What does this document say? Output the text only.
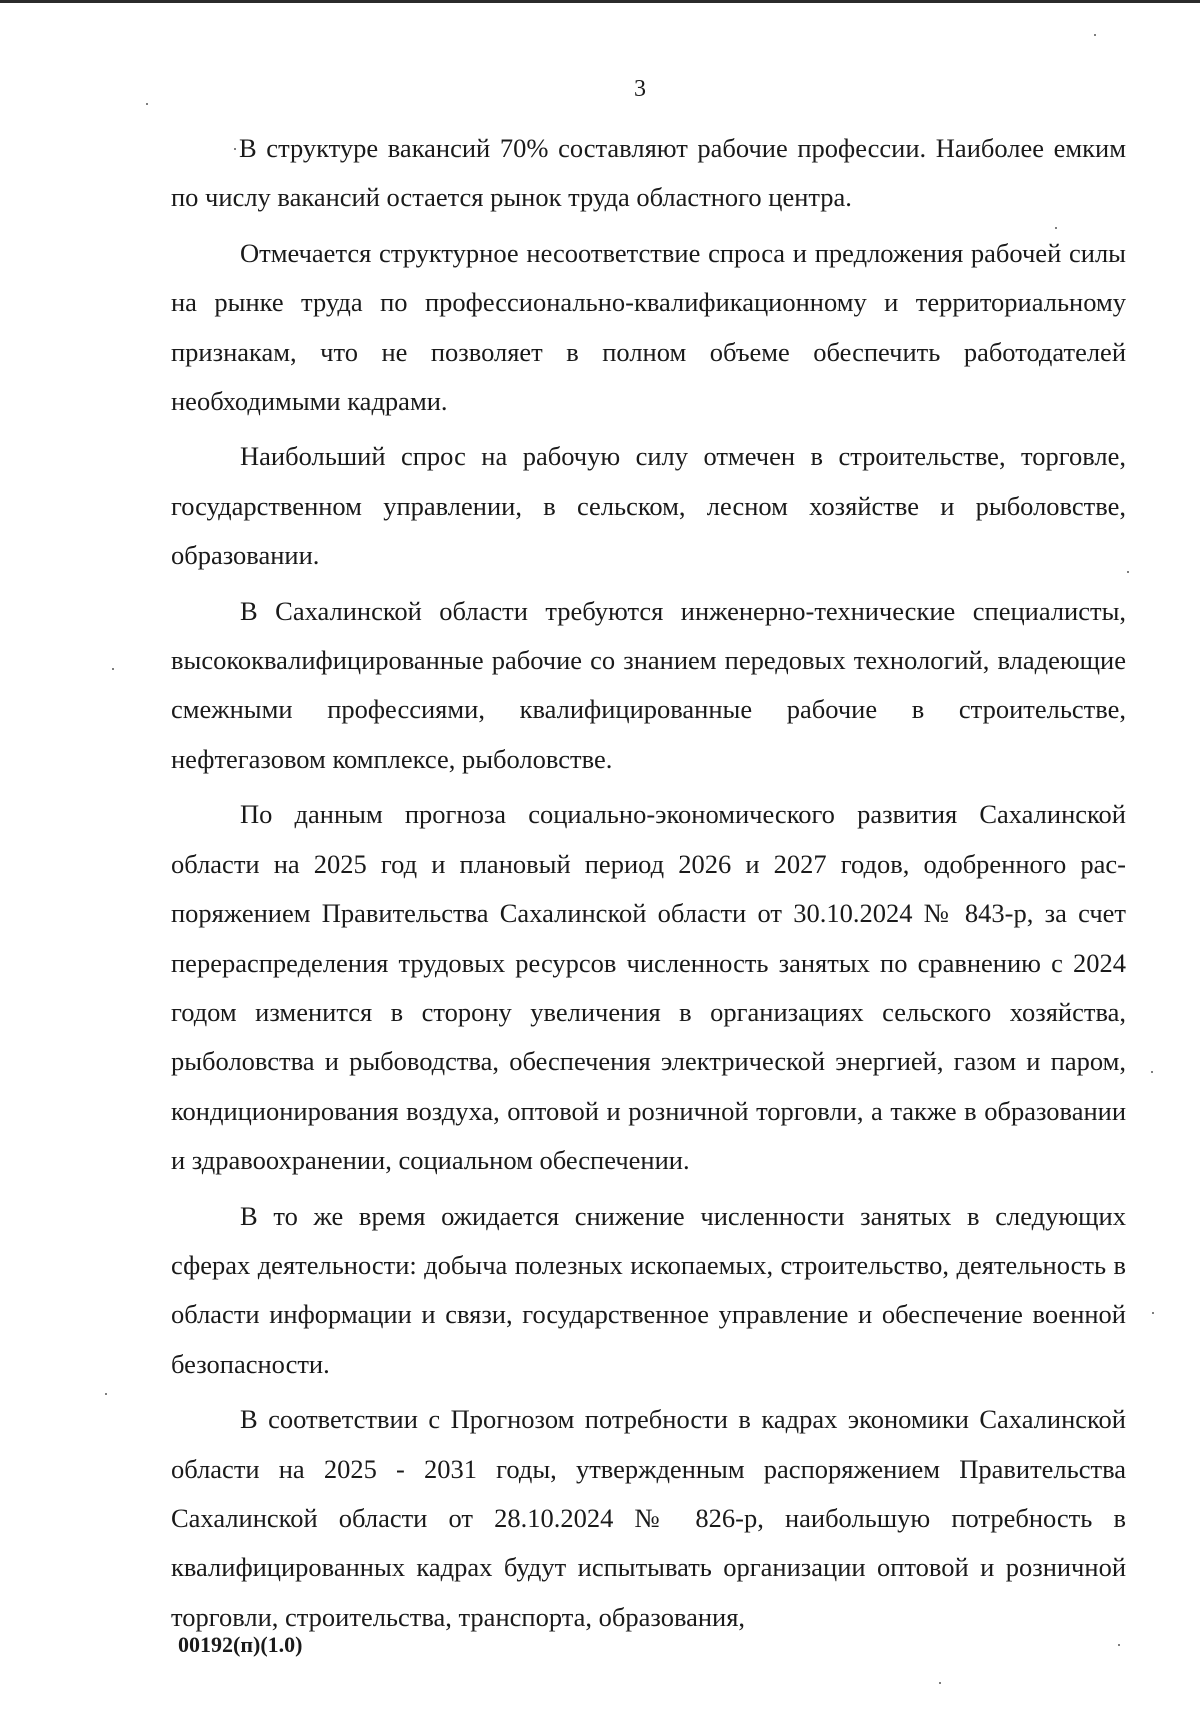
3

В структуре вакансий 70% составляют рабочие профессии. Наиболее емким по числу вакансий остается рынок труда областного центра.

Отмечается структурное несоответствие спроса и предложения рабочей силы на рынке труда по профессионально-квалификационному и территориальному признакам, что не позволяет в полном объеме обеспечить работодателей необходимыми кадрами.

Наибольший спрос на рабочую силу отмечен в строительстве, торговле, государственном управлении, в сельском, лесном хозяйстве и рыболовстве, образовании.

В Сахалинской области требуются инженерно-технические специалисты, высококвалифицированные рабочие со знанием передовых технологий, владеющие смежными профессиями, квалифицированные рабочие в строительстве, нефтегазовом комплексе, рыболовстве.

По данным прогноза социально-экономического развития Сахалинской области на 2025 год и плановый период 2026 и 2027 годов, одобренного распоряжением Правительства Сахалинской области от 30.10.2024 № 843-р, за счет перераспределения трудовых ресурсов численность занятых по сравнению с 2024 годом изменится в сторону увеличения в организациях сельского хозяйства, рыболовства и рыбоводства, обеспечения электрической энергией, газом и паром, кондиционирования воздуха, оптовой и розничной торговли, а также в образовании и здравоохранении, социальном обеспечении.

В то же время ожидается снижение численности занятых в следующих сферах деятельности: добыча полезных ископаемых, строительство, деятельность в области информации и связи, государственное управление и обеспечение военной безопасности.

В соответствии с Прогнозом потребности в кадрах экономики Сахалинской области на 2025 - 2031 годы, утвержденным распоряжением Правительства Сахалинской области от 28.10.2024 № 826-р, наибольшую потребность в квалифицированных кадрах будут испытывать организации оптовой и розничной торговли, строительства, транспорта, образования,

00192(п)(1.0)
